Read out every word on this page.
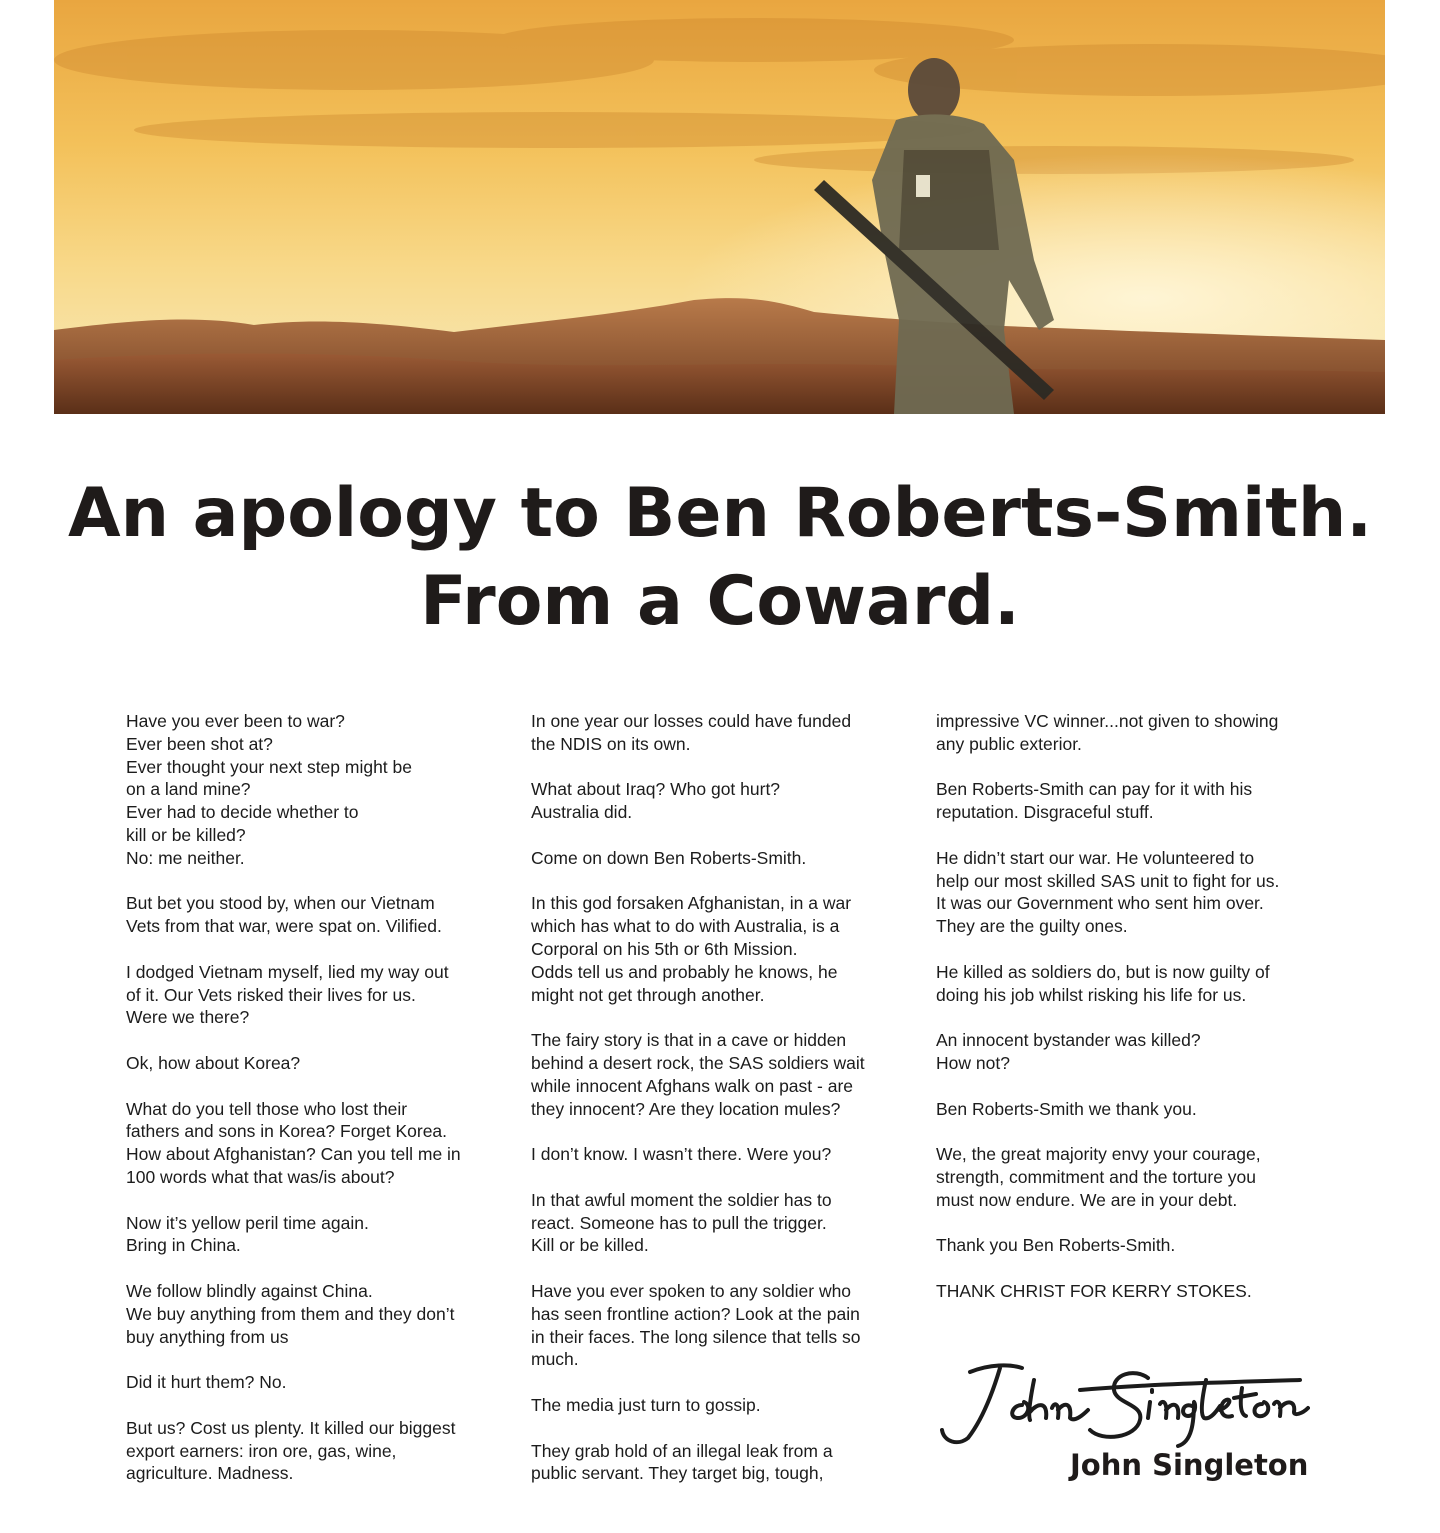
An apology to Ben Roberts-Smith.
From a Coward.

Have you ever been to war?
Ever been shot at?
Ever thought your next step might be
on a land mine?
Ever had to decide whether to
kill or be killed?
No: me neither.

But bet you stood by, when our Vietnam
Vets from that war, were spat on. Vilified.

I dodged Vietnam myself, lied my way out
of it. Our Vets risked their lives for us.
Were we there?

Ok, how about Korea?

What do you tell those who lost their
fathers and sons in Korea? Forget Korea.
How about Afghanistan? Can you tell me in
100 words what that was/is about?

Now it’s yellow peril time again.
Bring in China.

We follow blindly against China.
We buy anything from them and they don’t
buy anything from us

Did it hurt them? No.

But us? Cost us plenty. It killed our biggest
export earners: iron ore, gas, wine,
agriculture. Madness.

In one year our losses could have funded
the NDIS on its own.

What about Iraq? Who got hurt?
Australia did.

Come on down Ben Roberts-Smith.

In this god forsaken Afghanistan, in a war
which has what to do with Australia, is a
Corporal on his 5th or 6th Mission.
Odds tell us and probably he knows, he
might not get through another.

The fairy story is that in a cave or hidden
behind a desert rock, the SAS soldiers wait
while innocent Afghans walk on past - are
they innocent? Are they location mules?

I don’t know. I wasn’t there. Were you?

In that awful moment the soldier has to
react. Someone has to pull the trigger.
Kill or be killed.

Have you ever spoken to any soldier who
has seen frontline action? Look at the pain
in their faces. The long silence that tells so
much.

The media just turn to gossip.

They grab hold of an illegal leak from a
public servant. They target big, tough,

impressive VC winner...not given to showing
any public exterior.

Ben Roberts-Smith can pay for it with his
reputation. Disgraceful stuff.

He didn’t start our war. He volunteered to
help our most skilled SAS unit to fight for us.
It was our Government who sent him over.
They are the guilty ones.

He killed as soldiers do, but is now guilty of
doing his job whilst risking his life for us.

An innocent bystander was killed?
How not?

Ben Roberts-Smith we thank you.

We, the great majority envy your courage,
strength, commitment and the torture you
must now endure. We are in your debt.

Thank you Ben Roberts-Smith.

THANK CHRIST FOR KERRY STOKES.

John Singleton
